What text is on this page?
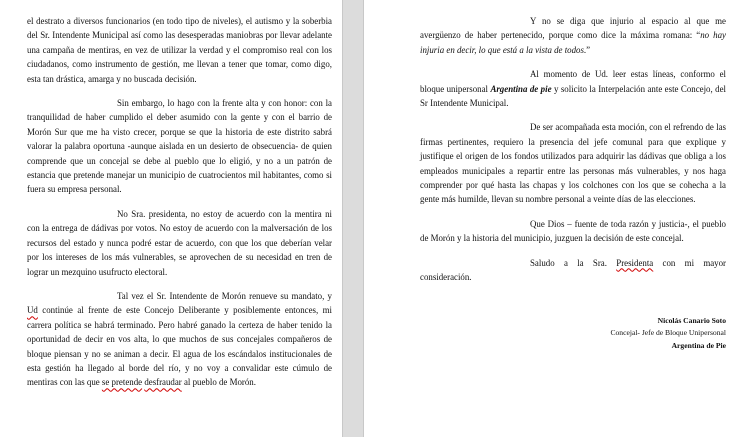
el destrato a diversos funcionarios (en todo tipo de niveles), el autismo y la soberbia del Sr. Intendente Municipal así como las desesperadas maniobras por llevar adelante una campaña de mentiras, en vez de utilizar la verdad y el compromiso real con los ciudadanos, como instrumento de gestión, me llevan a tener que tomar, como digo, esta tan drástica, amarga y no buscada decisión.

Sin embargo, lo hago con la frente alta y con honor: con la tranquilidad de haber cumplido el deber asumido con la gente y con el barrio de Morón Sur que me ha visto crecer, porque se que la historia de este distrito sabrá valorar la palabra oportuna -aunque aislada en un desierto de obsecuencia- de quien comprende que un concejal se debe al pueblo que lo eligió, y no a un patrón de estancia que pretende manejar un municipio de cuatrocientos mil habitantes, como si fuera su empresa personal.

No Sra. presidenta, no estoy de acuerdo con la mentira ni con la entrega de dádivas por votos. No estoy de acuerdo con la malversación de los recursos del estado y nunca podré estar de acuerdo, con que los que deberían velar por los intereses de los más vulnerables, se aprovechen de su necesidad en tren de lograr un mezquino usufructo electoral.

Tal vez el Sr. Intendente de Morón renueve su mandato, y Ud continúe al frente de este Concejo Deliberante y posiblemente entonces, mi carrera política se habrá terminado. Pero habré ganado la certeza de haber tenido la oportunidad de decir en vos alta, lo que muchos de sus concejales compañeros de bloque piensan y no se animan a decir. El agua de los escándalos institucionales de esta gestión ha llegado al borde del río, y no voy a convalidar este cúmulo de mentiras con las que se pretende desfraudar al pueblo de Morón.

Y no se diga que injurio al espacio al que me avergüenzo de haber pertenecido, porque como dice la máxima romana: “no hay injuria en decir, lo que está a la vista de todos.”

Al momento de Ud. leer estas líneas, conformo el bloque unipersonal Argentina de pie y solicito la Interpelación ante este Concejo, del Sr Intendente Municipal.

De ser acompañada esta moción, con el refrendo de las firmas pertinentes, requiero la presencia del jefe comunal para que explique y justifique el origen de los fondos utilizados para adquirir las dádivas que obliga a los empleados municipales a repartir entre las personas más vulnerables, y nos haga comprender por qué hasta las chapas y los colchones con los que se cohecha a la gente más humilde, llevan su nombre personal a veinte días de las elecciones.

Que Dios – fuente de toda razón y justicia-, el pueblo de Morón y la historia del municipio, juzguen la decisión de este concejal.

Saludo a la Sra. Presidenta con mi mayor consideración.

Nicolás Canario Soto
Concejal- Jefe de Bloque Unipersonal
Argentina de Pie
